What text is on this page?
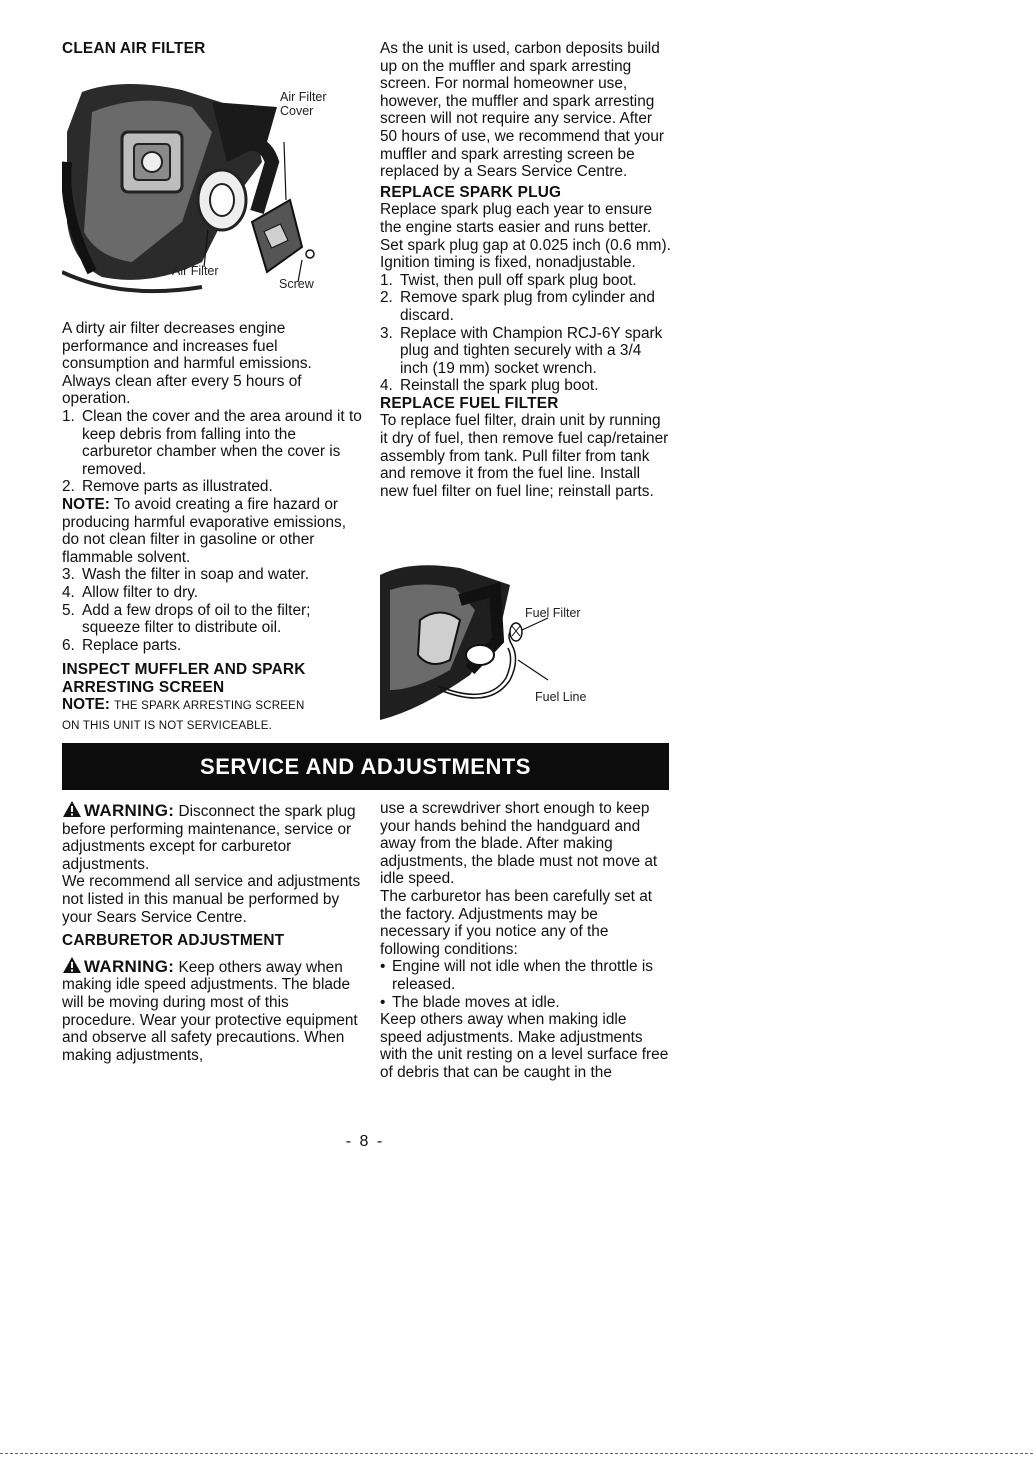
CLEAN AIR FILTER
Air Filter Cover
Air Filter
Screw

A dirty air filter decreases engine performance and increases fuel consumption and harmful emissions. Always clean after every 5 hours of operation.

1. Clean the cover and the area around it to keep debris from falling into the carburetor chamber when the cover is removed.
2. Remove parts as illustrated.

NOTE: To avoid creating a fire hazard or producing harmful evaporative emissions, do not clean filter in gasoline or other flammable solvent.

3. Wash the filter in soap and water.
4. Allow filter to dry.
5. Add a few drops of oil to the filter; squeeze filter to distribute oil.
6. Replace parts.
INSPECT MUFFLER AND SPARK
ARRESTING SCREEN

NOTE: THE SPARK ARRESTING SCREEN
ON THIS UNIT IS NOT SERVICEABLE.

As the unit is used, carbon deposits build up on the muffler and spark arresting screen. For normal homeowner use, however, the muffler and spark arresting screen will not require any service. After 50 hours of use, we recommend that your muffler and spark arresting screen be replaced by a Sears Service Centre.

REPLACE SPARK PLUG

Replace spark plug each year to ensure the engine starts easier and runs better. Set spark plug gap at 0.025 inch (0.6 mm). Ignition timing is fixed, nonadjustable.

1. Twist, then pull off spark plug boot.
2. Remove spark plug from cylinder and discard.
3. Replace with Champion RCJ-6Y spark plug and tighten securely with a 3/4 inch (19 mm) socket wrench.
4. Reinstall the spark plug boot.
REPLACE FUEL FILTER

To replace fuel filter, drain unit by running it dry of fuel, then remove fuel cap/retainer assembly from tank. Pull filter from tank and remove it from the fuel line. Install new fuel filter on fuel line; reinstall parts.

Fuel Filter
Fuel Line
SERVICE AND ADJUSTMENTS

WARNING: Disconnect the spark plug before performing maintenance, service or adjustments except for carburetor adjustments.

We recommend all service and adjustments not listed in this manual be performed by your Sears Service Centre.

CARBURETOR ADJUSTMENT

WARNING: Keep others away when making idle speed adjustments. The blade will be moving during most of this procedure. Wear your protective equipment and observe all safety precautions. When making adjustments,

use a screwdriver short enough to keep your hands behind the handguard and away from the blade. After making adjustments, the blade must not move at idle speed.

The carburetor has been carefully set at the factory. Adjustments may be necessary if you notice any of the following conditions:

• Engine will not idle when the throttle is released.
• The blade moves at idle.

Keep others away when making idle speed adjustments. Make adjustments with the unit resting on a level surface free of debris that can be caught in the

- 8 -
